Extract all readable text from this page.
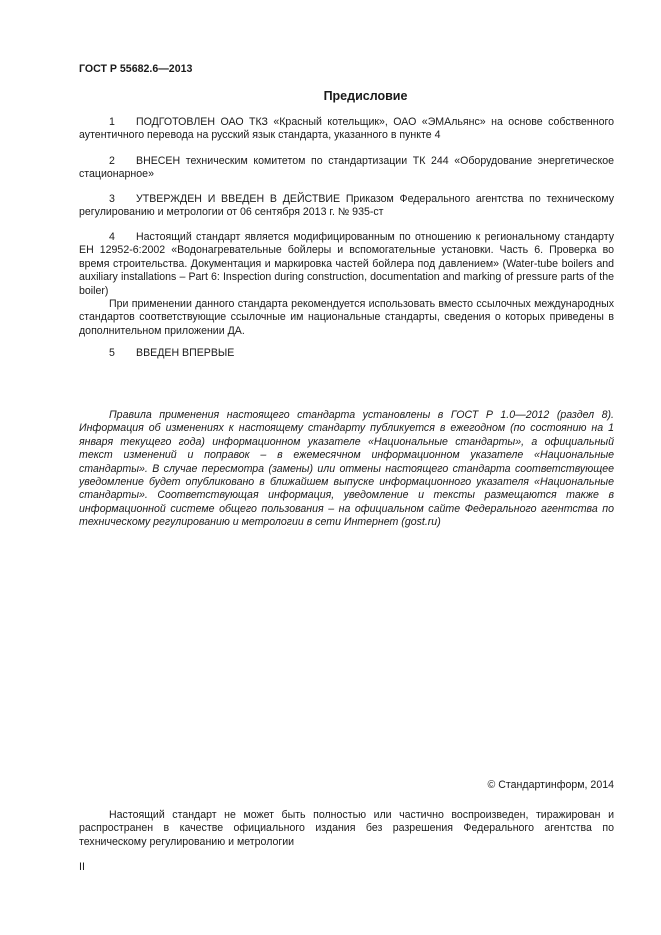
ГОСТ Р 55682.6—2013
Предисловие

1 ПОДГОТОВЛЕН ОАО ТКЗ «Красный котельщик», ОАО «ЭМАльянс» на основе собственного аутентичного перевода на русский язык стандарта, указанного в пункте 4

2 ВНЕСЕН техническим комитетом по стандартизации ТК 244 «Оборудование энергетическое стационарное»

3 УТВЕРЖДЕН И ВВЕДЕН В ДЕЙСТВИЕ Приказом Федерального агентства по техническому регулированию и метрологии от 06 сентября 2013 г. № 935-ст

4 Настоящий стандарт является модифицированным по отношению к региональному стандарту ЕН 12952-6:2002 «Водонагревательные бойлеры и вспомогательные установки. Часть 6. Проверка во время строительства. Документация и маркировка частей бойлера под давлением» (Water-tube boilers and auxiliary installations – Part 6: Inspection during construction, documentation and marking of pressure parts of the boiler)

При применении данного стандарта рекомендуется использовать вместо ссылочных международных стандартов соответствующие ссылочные им национальные стандарты, сведения о которых приведены в дополнительном приложении ДА.

5 ВВЕДЕН ВПЕРВЫЕ

Правила применения настоящего стандарта установлены в ГОСТ Р 1.0—2012 (раздел 8). Информация об изменениях к настоящему стандарту публикуется в ежегодном (по состоянию на 1 января текущего года) информационном указателе «Национальные стандарты», а официальный текст изменений и поправок – в ежемесячном информационном указателе «Национальные стандарты». В случае пересмотра (замены) или отмены настоящего стандарта соответствующее уведомление будет опубликовано в ближайшем выпуске информационного указателя «Национальные стандарты». Соответствующая информация, уведомление и тексты размещаются также в информационной системе общего пользования – на официальном сайте Федерального агентства по техническому регулированию и метрологии в сети Интернет (gost.ru)

© Стандартинформ, 2014

Настоящий стандарт не может быть полностью или частично воспроизведен, тиражирован и распространен в качестве официального издания без разрешения Федерального агентства по техническому регулированию и метрологии

II
